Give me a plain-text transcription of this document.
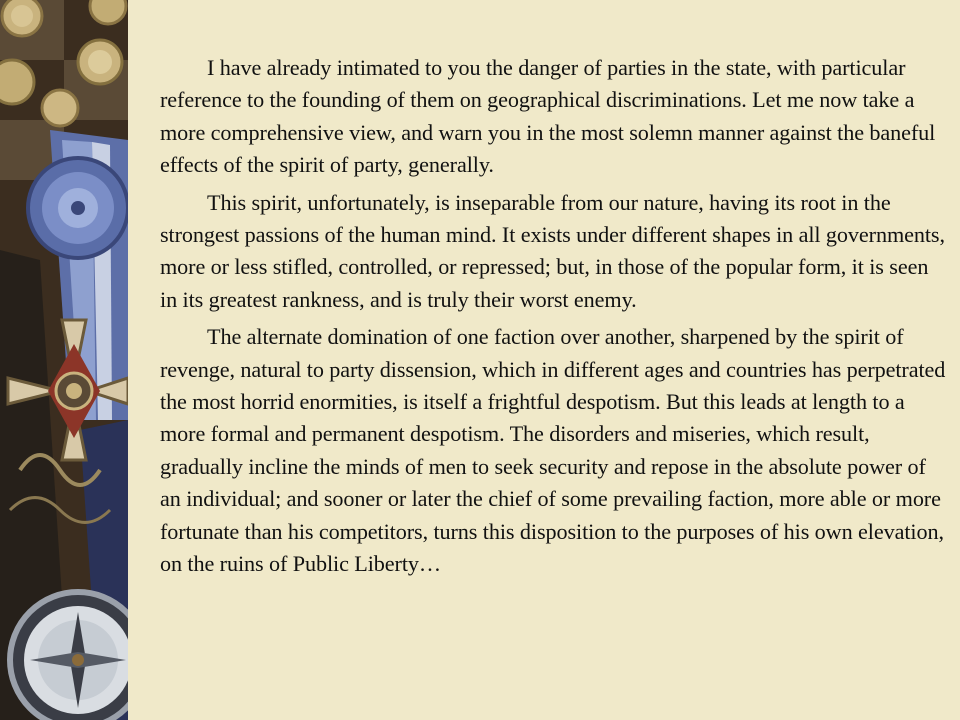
I have already intimated to you the danger of parties in the state, with particular reference to the founding of them on geographical discriminations. Let me now take a more comprehensive view, and warn you in the most solemn manner against the baneful effects of the spirit of party, generally.

This spirit, unfortunately, is inseparable from our nature, having its root in the strongest passions of the human mind. It exists under different shapes in all governments, more or less stifled, controlled, or repressed; but, in those of the popular form, it is seen in its greatest rankness, and is truly their worst enemy.

The alternate domination of one faction over another, sharpened by the spirit of revenge, natural to party dissension, which in different ages and countries has perpetrated the most horrid enormities, is itself a frightful despotism. But this leads at length to a more formal and permanent despotism. The disorders and miseries, which result, gradually incline the minds of men to seek security and repose in the absolute power of an individual; and sooner or later the chief of some prevailing faction, more able or more fortunate than his competitors, turns this disposition to the purposes of his own elevation, on the ruins of Public Liberty…
